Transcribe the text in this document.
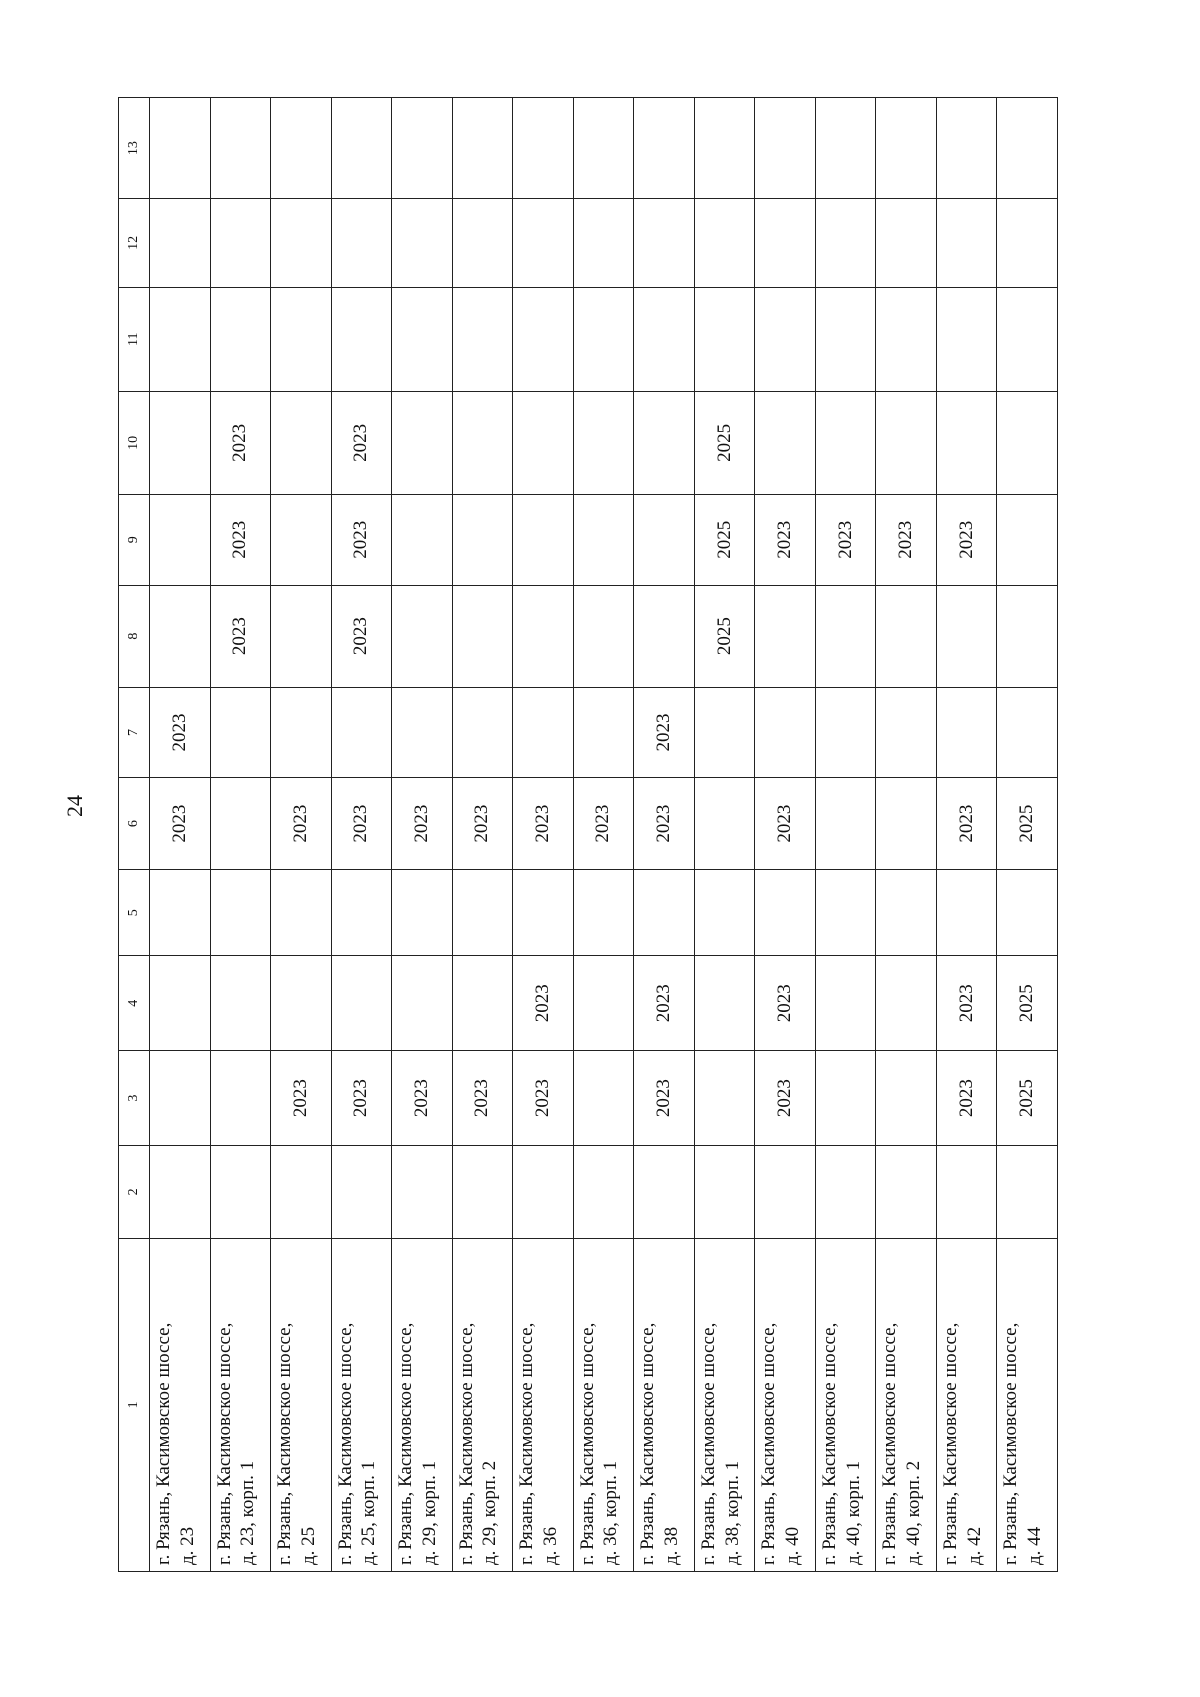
24
1	2	3	4	5	6	7	8	9	10	11	12	13

г. Рязань, Касимовское шоссе, д. 23					2023	2023						

г. Рязань, Касимовское шоссе, д. 23, корп. 1							2023	2023	2023			

г. Рязань, Касимовское шоссе, д. 25		2023			2023							

г. Рязань, Касимовское шоссе, д. 25, корп. 1		2023			2023		2023	2023	2023			

г. Рязань, Касимовское шоссе, д. 29, корп. 1		2023			2023							

г. Рязань, Касимовское шоссе, д. 29, корп. 2		2023			2023							

г. Рязань, Касимовское шоссе, д. 36		2023	2023		2023							

г. Рязань, Касимовское шоссе, д. 36, корп. 1					2023							

г. Рязань, Касимовское шоссе, д. 38		2023	2023		2023	2023						

г. Рязань, Касимовское шоссе, д. 38, корп. 1							2025	2025	2025			

г. Рязань, Касимовское шоссе, д. 40		2023	2023		2023			2023				

г. Рязань, Касимовское шоссе, д. 40, корп. 1								2023				

г. Рязань, Касимовское шоссе, д. 40, корп. 2								2023				

г. Рязань, Касимовское шоссе, д. 42		2023	2023		2023			2023				

г. Рязань, Касимовское шоссе, д. 44		2025	2025		2025							
